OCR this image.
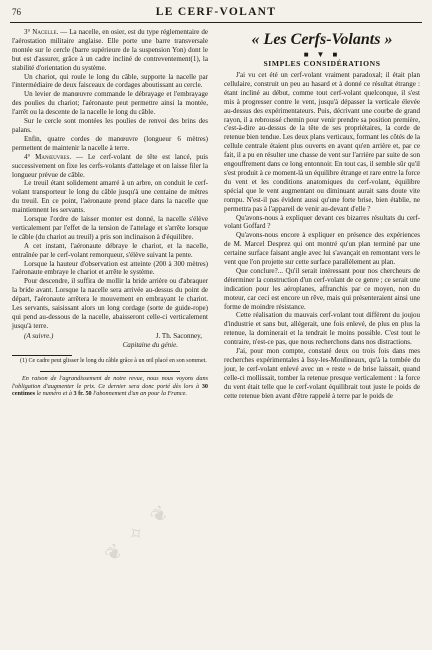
76	LE CERF-VOLANT

3° Nacelle. — La nacelle, en osier, est du type réglementaire de l'aérostation militaire anglaise. Elle porte une barre transversale montée sur le cercle (barre supérieure de la suspension Yon) dont le but est d'assurer, grâce à un cadre incliné de contreventement(1), la stabilité d'orientation du système.

Un chariot, qui roule le long du câble, supporte la nacelle par l'intermédiaire de deux faisceaux de cordages aboutissant au cercle.

Un levier de manœuvre commande le débrayage et l'embrayage des poulies du chariot; l'aéronaute peut permettre ainsi la montée, l'arrêt ou la descente de la nacelle le long du câble.

Sur le cercle sont montées les poulies de renvoi des brins des palans.

Enfin, quatre cordes de manœuvre (longueur 6 mètres) permettent de maintenir la nacelle à terre.

4° Manœuvres. — Le cerf-volant de tête est lancé, puis successivement on fixe les cerfs-volants d'attelage et on laisse filer la longueur prévue de câble.

Le treuil étant solidement amarré à un arbre, on conduit le cerf-volant transporteur le long du câble jusqu'à une centaine de mètres du treuil. En ce point, l'aéronaute prend place dans la nacelle que maintiennent les servants.

Lorsque l'ordre de laisser monter est donné, la nacelle s'élève verticalement par l'effet de la tension de l'attelage et s'arrête lorsque le câble (du chariot au treuil) a pris son inclinaison à d'équilibre.

A cet instant, l'aéronaute débraye le chariot, et la nacelle, entraînée par le cerf-volant remorqueur, s'élève suivant la pente.

Lorsque la hauteur d'observation est atteinte (200 à 300 mètres) l'aéronaute embraye le chariot et arrête le système.

Pour descendre, il suffira de mollir la bride arrière ou d'abraquer la bride avant. Lorsque la nacelle sera arrivée au-dessus du point de départ, l'aéronaute arrêtera le mouvement en embrayant le chariot. Les servants, saisissant alors un long cordage (sorte de guide-rope) qui pend au-dessous de la nacelle, abaisseront celle-ci verticalement jusqu'à terre.

(A suivre.)	J. Th. Saconney,
Capitaine du génie.
(1) Ce cadre peut glisser le long du câble grâce à un œil placé en son sommet.
En raison de l'agrandissement de notre revue, nous nous voyons dans l'obligation d'augmenter le prix. Ce dernier sera donc porté dès lors à 30 centimes le numéro et à 3 fr. 50 l'abonnement d'un an pour la France.
« Les Cerfs-Volants »
■ ▼ ■
SIMPLES CONSIDÉRATIONS

J'ai vu cet été un cerf-volant vraiment paradoxal; il était plan cellulaire, construit un peu au hasard et à donné ce résultat étrange : étant incliné au début, comme tout cerf-volant quelconque, il s'est mis à progresser contre le vent, jusqu'à dépasser la verticale élevée au-dessus des expérimentateurs. Puis, décrivant une courbe de grand rayon, il a rebroussé chemin pour venir prendre sa position première, c'est-à-dire au-dessus de la tête de ses propriétaires, la corde de retenue bien tendue. Les deux plans verticaux, formant les côtés de la cellule centrale étaient plus ouverts en avant qu'en arrière et, par ce fait, il a pu en résulter une chasse de vent sur l'arrière par suite de son engouffrement dans ce long entonnoir. En tout cas, il semble sûr qu'il s'est produit à ce moment-là un équilibre étrange et rare entre la force du vent et les conditions anatomiques du cerf-volant, équilibre spécial que le vent augmentant ou diminuant aurait sans doute vite rompu. N'est-il pas évident aussi qu'une forte brise, bien établie, ne permettra pas à l'appareil de venir au-devant d'elle ?

Qu'avons-nous à expliquer devant ces bizarres résultats du cerf-volant Goffard ?

Qu'avons-nous encore à expliquer en présence des expériences de M. Marcel Desprez qui ont montré qu'un plan terminé par une certaine surface faisant angle avec lui s'avançait en remontant vers le vent que l'on projette sur cette surface parallèlement au plan.

Que conclure?... Qu'il serait intéressant pour nos chercheurs de déterminer la construction d'un cerf-volant de ce genre ; ce serait une indication pour les aéroplanes, affranchis par ce moyen, non du moteur, car ceci est encore un rêve, mais qui présenteraient ainsi une forme de moindre résistance.

Cette réalisation du mauvais cerf-volant tout différent du joujou d'industrie et sans but, allégerait, une fois enlevé, de plus en plus la retenue, la dominerait et la tendrait le moins possible. C'est tout le contraire, n'est-ce pas, que nous recherchons dans nos distractions.

J'ai, pour mon compte, constaté deux ou trois fois dans mes recherches expérimentales à Issy-les-Moulineaux, qu'à la tombée du jour, le cerf-volant enlevé avec un « reste » de brise laissait, quand celle-ci mollissait, tomber la retenue presque verticalement : la force du vent était telle que le cerf-volant équilibrait tout juste le poids de cette retenue bien avant d'être rappelé à terre par le poids de

❦ ✧ ❦
